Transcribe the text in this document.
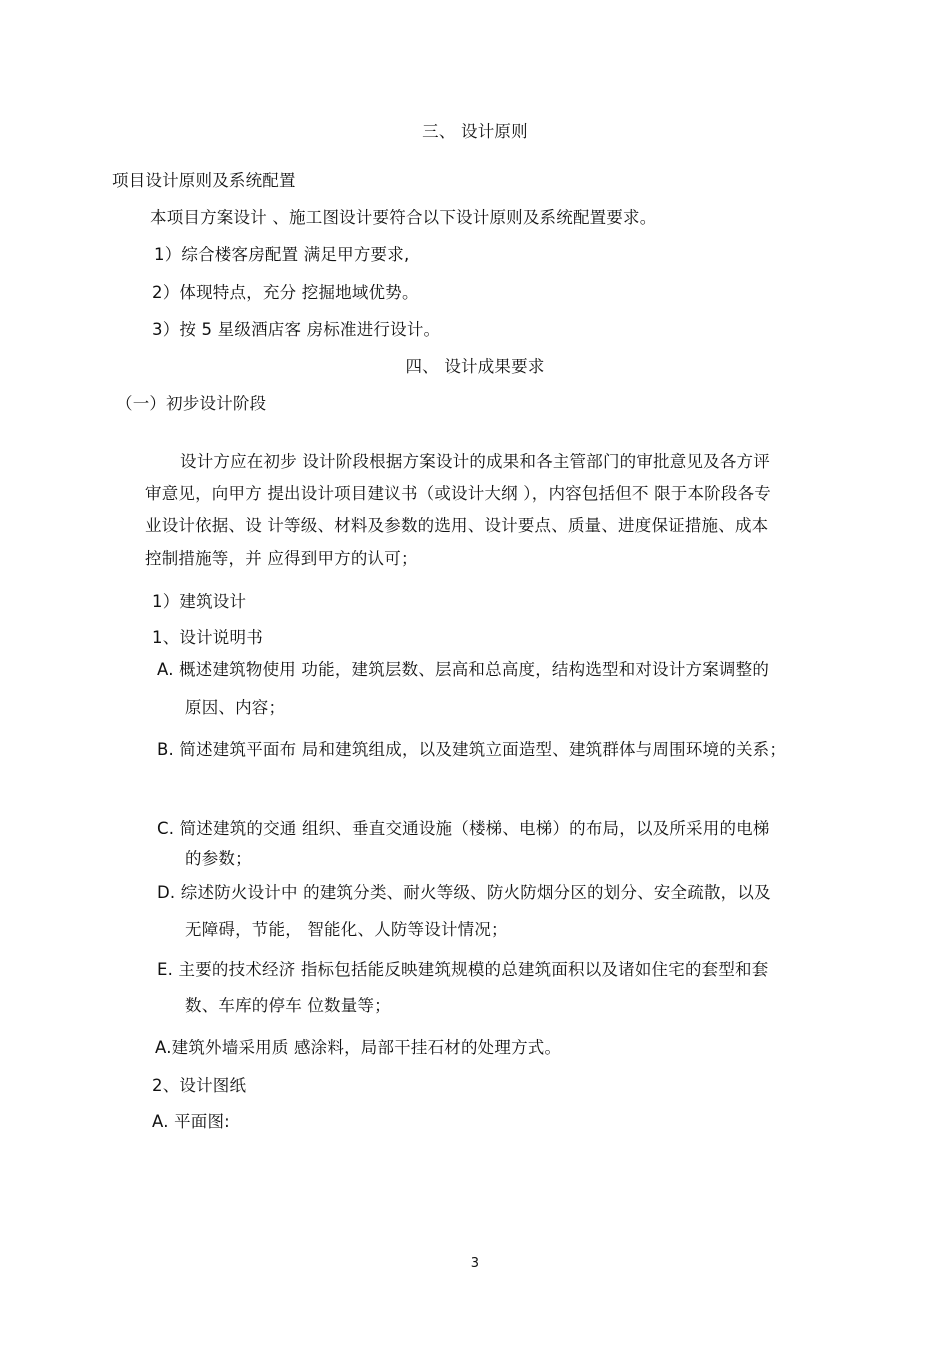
三、 设计原则
项目设计原则及系统配置
本项目方案设计 、施工图设计要符合以下设计原则及系统配置要求。
1）综合楼客房配置 满足甲方要求,
2）体现特点，充分 挖掘地域优势。
3）按 5 星级酒店客 房标准进行设计。
四、 设计成果要求
（一）初步设计阶段
设计方应在初步 设计阶段根据方案设计的成果和各主管部门的审批意见及各方评
审意见，向甲方 提出设计项目建议书（或设计大纲 ），内容包括但不 限于本阶段各专
业设计依据、设 计等级、材料及参数的选用、设计要点、质量、进度保证措施、成本
控制措施等，并 应得到甲方的认可；
1）建筑设计
1、设计说明书
A. 概述建筑物使用 功能，建筑层数、层高和总高度，结构选型和对设计方案调整的
原因、内容；
B. 简述建筑平面布 局和建筑组成，以及建筑立面造型、建筑群体与周围环境的关系；
C. 简述建筑的交通 组织、垂直交通设施（楼梯、电梯）的布局，以及所采用的电梯
的参数；
D. 综述防火设计中 的建筑分类、耐火等级、防火防烟分区的划分、安全疏散，以及
无障碍，节能， 智能化、人防等设计情况；
E. 主要的技术经济 指标包括能反映建筑规模的总建筑面积以及诸如住宅的套型和套
数、车库的停车 位数量等；
A.建筑外墙采用质 感涂料，局部干挂石材的处理方式。
2、设计图纸
A. 平面图:
3
